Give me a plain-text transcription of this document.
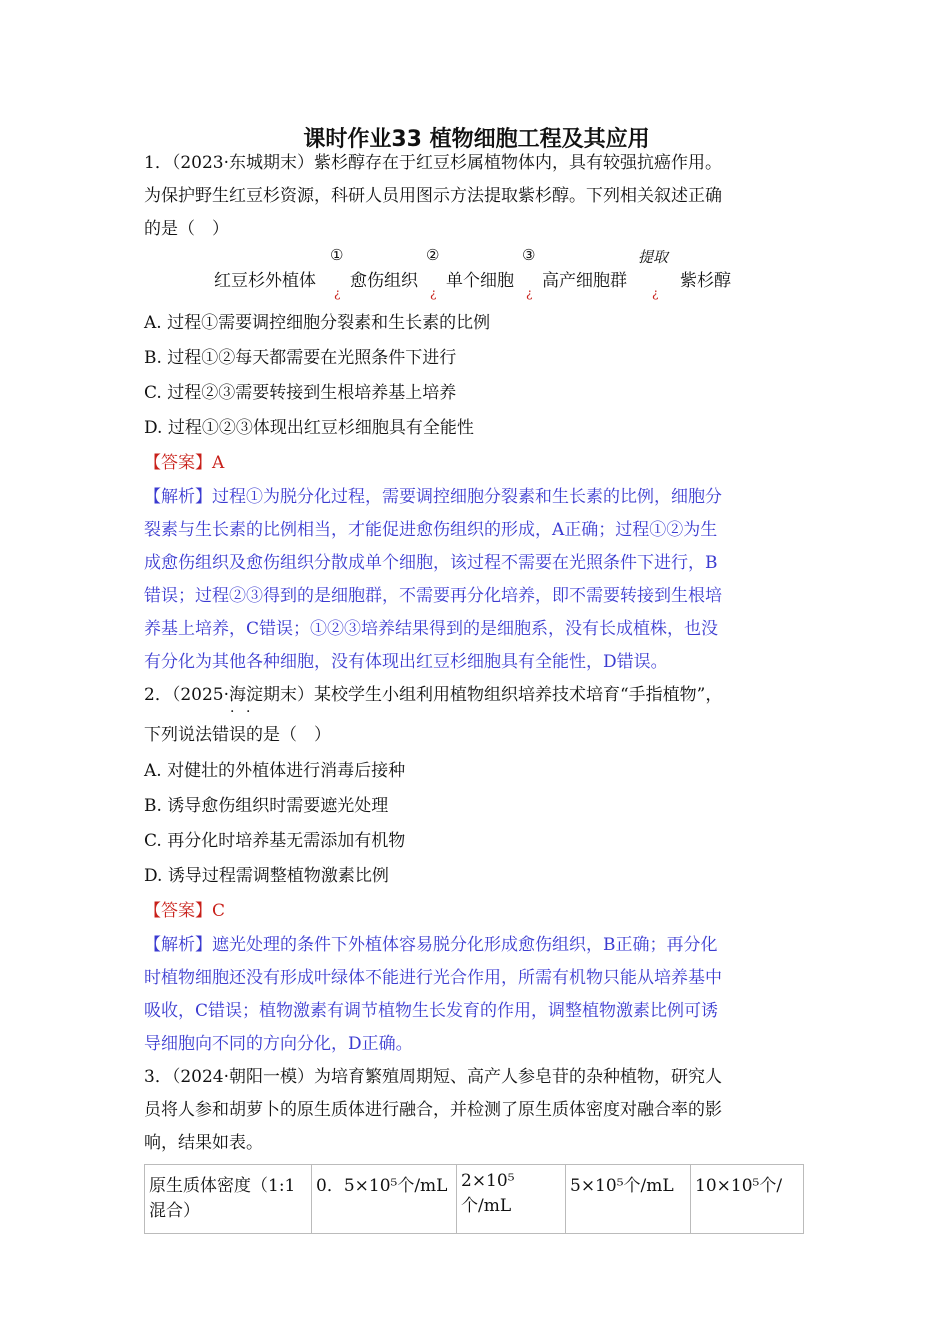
课时作业33 植物细胞工程及其应用
1．（2023·东城期末）紫杉醇存在于红豆杉属植物体内，具有较强抗癌作用。
为保护野生红豆杉资源，科研人员用图示方法提取紫杉醇。下列相关叙述正确
的是（　）
红豆杉外植体
①
¿
愈伤组织
②
¿
单个细胞
③
¿
高产细胞群
提取
¿
紫杉醇
A. 过程①需要调控细胞分裂素和生长素的比例
B. 过程①②每天都需要在光照条件下进行
C. 过程②③需要转接到生根培养基上培养
D. 过程①②③体现出红豆杉细胞具有全能性
【答案】A
【解析】过程①为脱分化过程，需要调控细胞分裂素和生长素的比例，细胞分
裂素与生长素的比例相当，才能促进愈伤组织的形成，A正确；过程①②为生
成愈伤组织及愈伤组织分散成单个细胞，该过程不需要在光照条件下进行，B
错误；过程②③得到的是细胞群，不需要再分化培养，即不需要转接到生根培
养基上培养，C错误；①②③培养结果得到的是细胞系，没有长成植株，也没
有分化为其他各种细胞，没有体现出红豆杉细胞具有全能性，D错误。
2．（2025·海淀期末）某校学生小组利用植物组织培养技术培育“手指植物”，
· ·
下列说法错误的是（　）
A. 对健壮的外植体进行消毒后接种
B. 诱导愈伤组织时需要遮光处理
C. 再分化时培养基无需添加有机物
D. 诱导过程需调整植物激素比例
【答案】C
【解析】遮光处理的条件下外植体容易脱分化形成愈伤组织，B正确；再分化
时植物细胞还没有形成叶绿体不能进行光合作用，所需有机物只能从培养基中
吸收，C错误；植物激素有调节植物生长发育的作用，调整植物激素比例可诱
导细胞向不同的方向分化，D正确。
3．（2024·朝阳一模）为培育繁殖周期短、高产人参皂苷的杂种植物，研究人
员将人参和胡萝卜的原生质体进行融合，并检测了原生质体密度对融合率的影
响，结果如表。
原生质体密度（1:1 混合）	0．5×10⁵个/mL	2×10⁵个/mL	5×10⁵个/mL	10×10⁵个/
